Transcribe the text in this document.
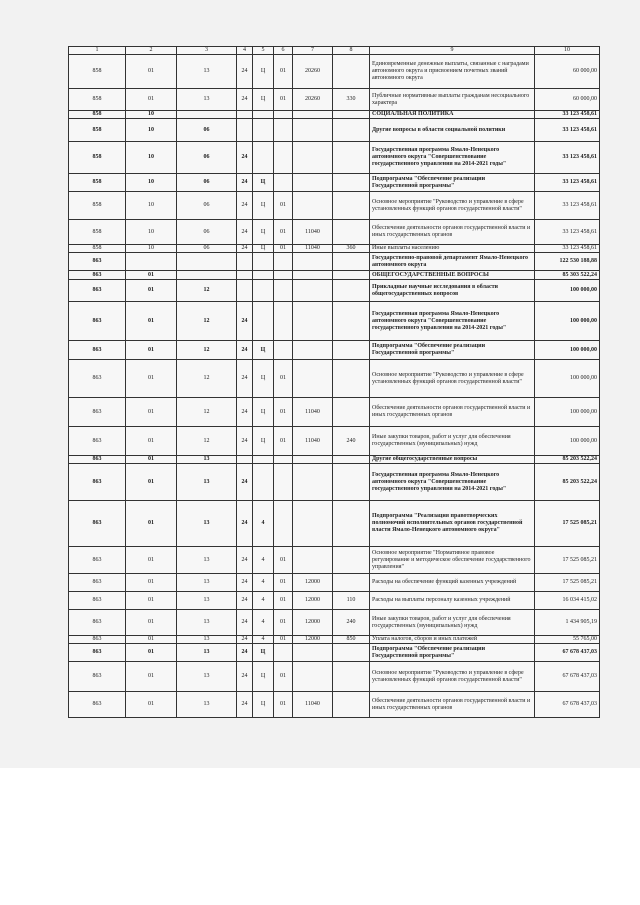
1	2	3	4	5	6	7	8	9	10
858	01	13	24	Ц	01	20260		Единовременные денежные выплаты, связанные с наградами автономного округа и присвоением почетных званий автономного округа	60 000,00
858	01	13	24	Ц	01	20260	330	Публичные нормативные выплаты гражданам несоциального характера	60 000,00
858	10							СОЦИАЛЬНАЯ ПОЛИТИКА	33 123 458,61
858	10	06						Другие вопросы в области социальной политики	33 123 458,61
858	10	06	24					Государственная программа Ямало-Ненецкого автономного округа "Совершенствование государственного управления на 2014-2021 годы"	33 123 458,61
858	10	06	24	Ц				Подпрограмма "Обеспечение реализации Государственной программы"	33 123 458,61
858	10	06	24	Ц	01			Основное мероприятие "Руководство и управление в сфере установленных функций органов государственной власти"	33 123 458,61
858	10	06	24	Ц	01	11040		Обеспечение деятельности органов государственной власти и иных государственных органов	33 123 458,61
858	10	06	24	Ц	01	11040	360	Иные выплаты населению	33 123 458,61
863								Государственно-правовой департамент Ямало-Ненецкого автономного округа	122 530 188,88
863	01							ОБЩЕГОСУДАРСТВЕННЫЕ ВОПРОСЫ	85 303 522,24
863	01	12						Прикладные научные исследования в области общегосударственных вопросов	100 000,00
863	01	12	24					Государственная программа Ямало-Ненецкого автономного округа "Совершенствование государственного управления на 2014-2021 годы"	100 000,00
863	01	12	24	Ц				Подпрограмма "Обеспечение реализации Государственной программы"	100 000,00
863	01	12	24	Ц	01			Основное мероприятие "Руководство и управление в сфере установленных функций органов государственной власти"	100 000,00
863	01	12	24	Ц	01	11040		Обеспечение деятельности органов государственной власти и иных государственных органов	100 000,00
863	01	12	24	Ц	01	11040	240	Иные закупки товаров, работ и услуг для обеспечения государственных (муниципальных) нужд	100 000,00
863	01	13						Другие общегосударственные вопросы	85 203 522,24
863	01	13	24					Государственная программа Ямало-Ненецкого автономного округа "Совершенствование государственного управления на 2014-2021 годы"	85 203 522,24
863	01	13	24	4				Подпрограмма "Реализация правотворческих полномочий исполнительных органов государственной власти Ямало-Ненецкого автономного округа"	17 525 085,21
863	01	13	24	4	01			Основное мероприятие "Нормативное правовое регулирование и методическое обеспечение государственного управления"	17 525 085,21
863	01	13	24	4	01	12000		Расходы на обеспечение функций казенных учреждений	17 525 085,21
863	01	13	24	4	01	12000	110	Расходы на выплаты персоналу казенных учреждений	16 034 415,02
863	01	13	24	4	01	12000	240	Иные закупки товаров, работ и услуг для обеспечения государственных (муниципальных) нужд	1 434 905,19
863	01	13	24	4	01	12000	850	Уплата налогов, сборов и иных платежей	55 765,00
863	01	13	24	Ц				Подпрограмма "Обеспечение реализации Государственной программы"	67 678 437,03
863	01	13	24	Ц	01			Основное мероприятие "Руководство и управление в сфере установленных функций органов государственной власти"	67 678 437,03
863	01	13	24	Ц	01	11040		Обеспечение деятельности органов государственной власти и иных государственных органов	67 678 437,03
